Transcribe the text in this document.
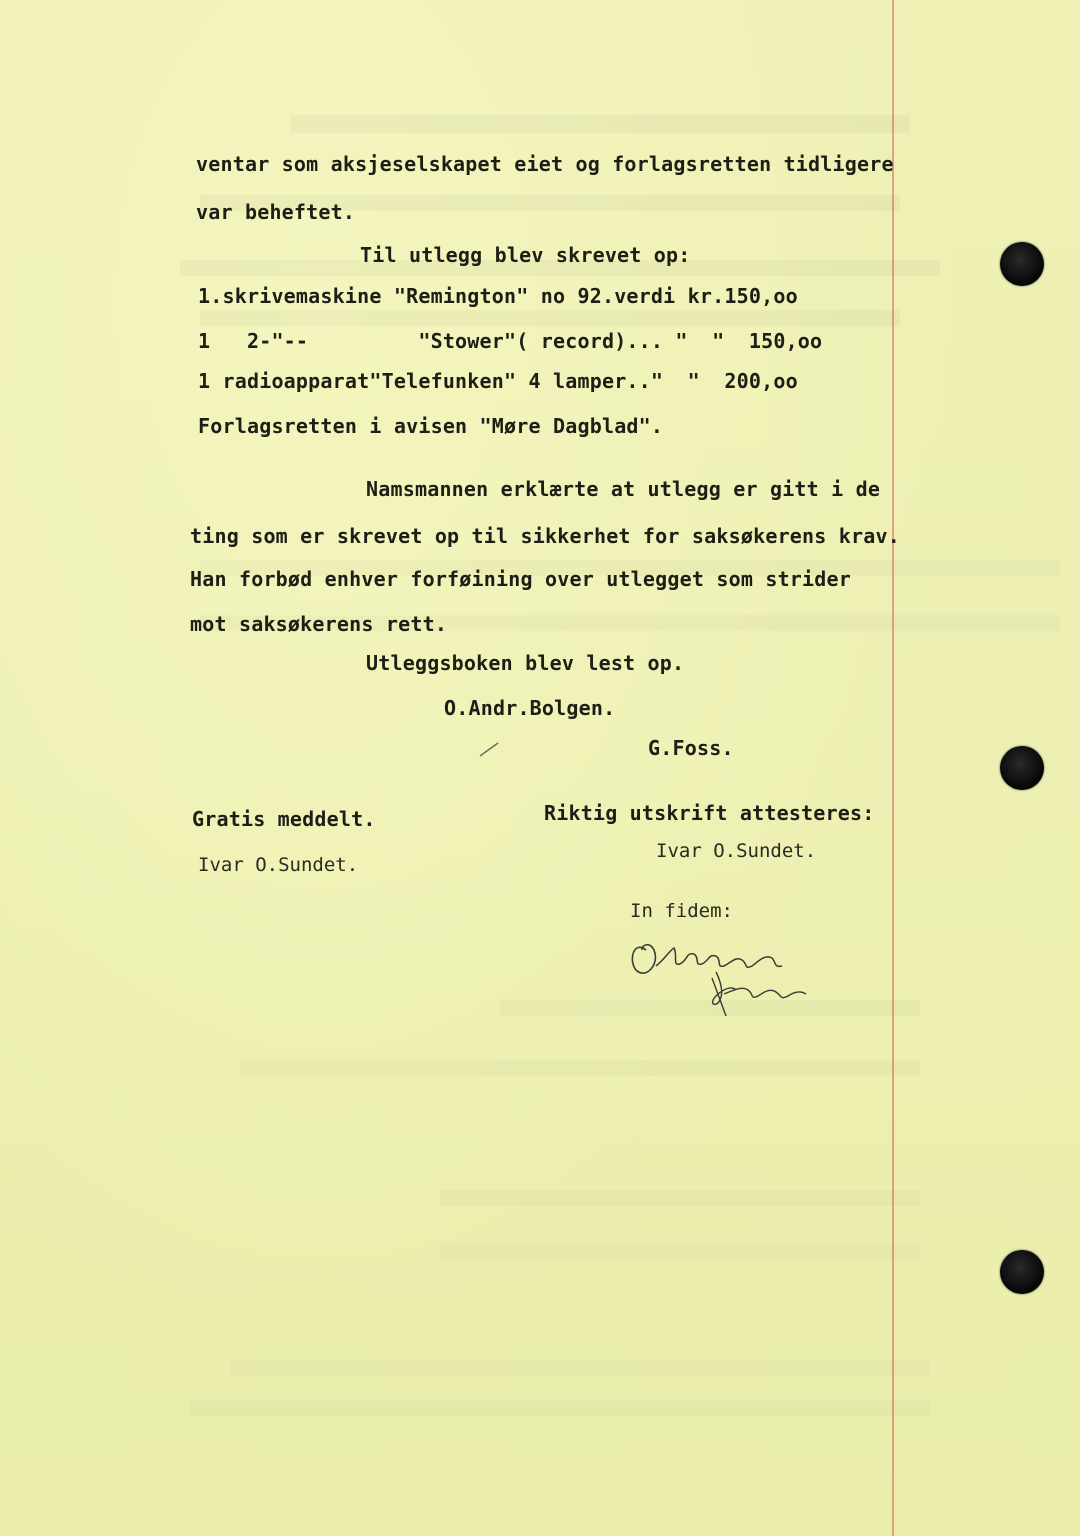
ventar som aksjeselskapet eiet og forlagsretten tidligere
var beheftet.
Til utlegg blev skrevet op:
1.skrivemaskine "Remington" no 92.verdi kr.150,oo
1   2-"--         "Stower"( record)... "  "  150,oo
1 radioapparat"Telefunken" 4 lamper.."  "  200,oo
Forlagsretten i avisen "Møre Dagblad".
Namsmannen erklærte at utlegg er gitt i de
ting som er skrevet op til sikkerhet for saksøkerens krav.
Han forbød enhver forføining over utlegget som strider
mot saksøkerens rett.
Utleggsboken blev lest op.
O.Andr.Bolgen.
G.Foss.
Gratis meddelt.
Ivar O.Sundet.
Riktig utskrift attesteres:
Ivar O.Sundet.
In fidem:
